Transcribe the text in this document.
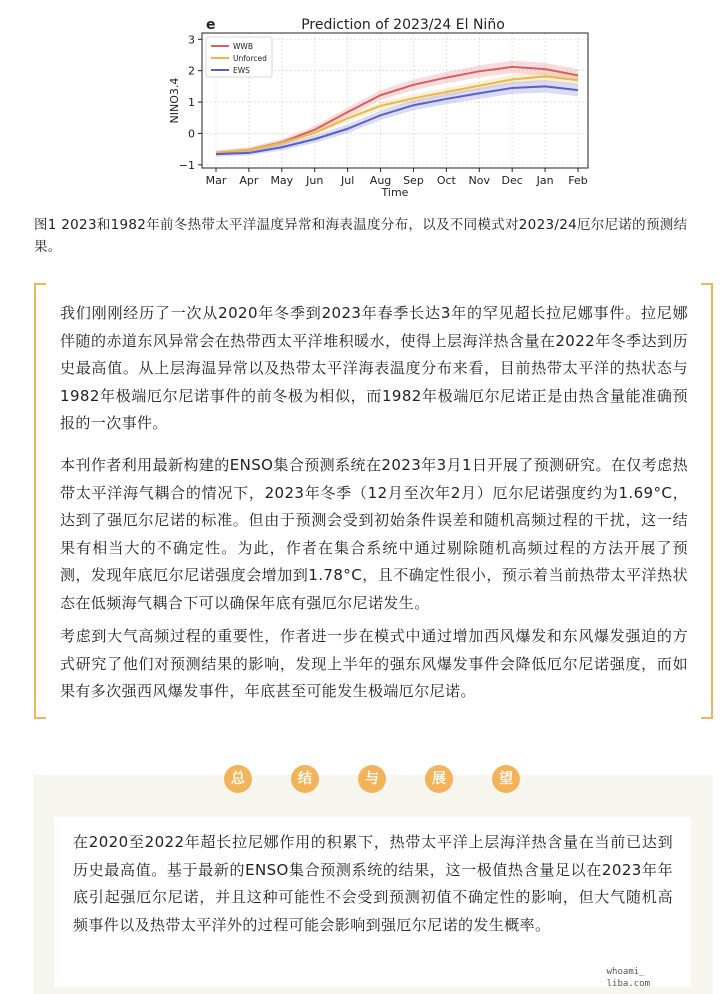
Prediction of 2023/24 El Niño
e
−1
0
1
2
3
Mar Apr May Jun Jul Aug Sep Oct Nov Dec Jan Feb
Time
NINO3.4
WWB
Unforced
EWS
图1 2023和1982年前冬热带太平洋温度异常和海表温度分布，以及不同模式对2023/24厄尔尼诺的预测结果。

我们刚刚经历了一次从2020年冬季到2023年春季长达3年的罕见超长拉尼娜事件。拉尼娜伴随的赤道东风异常会在热带西太平洋堆积暖水，使得上层海洋热含量在2022年冬季达到历史最高值。从上层海温异常以及热带太平洋海表温度分布来看，目前热带太平洋的热状态与1982年极端厄尔尼诺事件的前冬极为相似，而1982年极端厄尔尼诺正是由热含量能准确预报的一次事件。

本刊作者利用最新构建的ENSO集合预测系统在2023年3月1日开展了预测研究。在仅考虑热带太平洋海气耦合的情况下，2023年冬季（12月至次年2月）厄尔尼诺强度约为1.69°C，达到了强厄尔尼诺的标准。但由于预测会受到初始条件误差和随机高频过程的干扰，这一结果有相当大的不确定性。为此，作者在集合系统中通过剔除随机高频过程的方法开展了预测，发现年底厄尔尼诺强度会增加到1.78°C，且不确定性很小，预示着当前热带太平洋热状态在低频海气耦合下可以确保年底有强厄尔尼诺发生。

考虑到大气高频过程的重要性，作者进一步在模式中通过增加西风爆发和东风爆发强迫的方式研究了他们对预测结果的影响，发现上半年的强东风爆发事件会降低厄尔尼诺强度，而如果有多次强西风爆发事件，年底甚至可能发生极端厄尔尼诺。

总	结	与	展	望

在2020至2022年超长拉尼娜作用的积累下，热带太平洋上层海洋热含量在当前已达到历史最高值。基于最新的ENSO集合预测系统的结果，这一极值热含量足以在2023年年底引起强厄尔尼诺，并且这种可能性不会受到预测初值不确定性的影响，但大气随机高频事件以及热带太平洋外的过程可能会影响到强厄尔尼诺的发生概率。

whoami_
liba.com
